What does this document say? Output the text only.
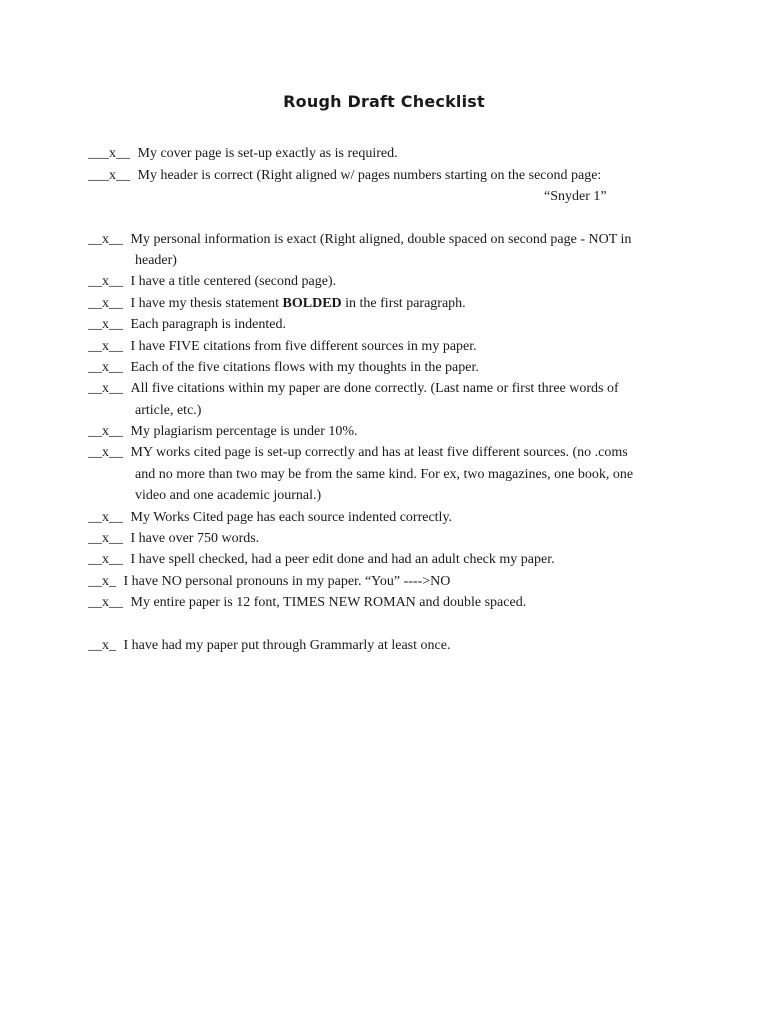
Rough Draft Checklist
___x__ My cover page is set-up exactly as is required.
___x__ My header is correct (Right aligned w/ pages numbers starting on the second page:
“Snyder 1”
__x__ My personal information is exact (Right aligned, double spaced on second page - NOT in
header)
__x__ I have a title centered (second page).
__x__ I have my thesis statement BOLDED in the first paragraph.
__x__ Each paragraph is indented.
__x__ I have FIVE citations from five different sources in my paper.
__x__ Each of the five citations flows with my thoughts in the paper.
__x__ All five citations within my paper are done correctly. (Last name or first three words of
article, etc.)
__x__ My plagiarism percentage is under 10%.
__x__ MY works cited page is set-up correctly and has at least five different sources. (no .coms
and no more than two may be from the same kind. For ex, two magazines, one book, one
video and one academic journal.)
__x__ My Works Cited page has each source indented correctly.
__x__ I have over 750 words.
__x__ I have spell checked, had a peer edit done and had an adult check my paper.
__x_ I have NO personal pronouns in my paper. “You” ---->NO
__x__ My entire paper is 12 font, TIMES NEW ROMAN and double spaced.
__x_ I have had my paper put through Grammarly at least once.
